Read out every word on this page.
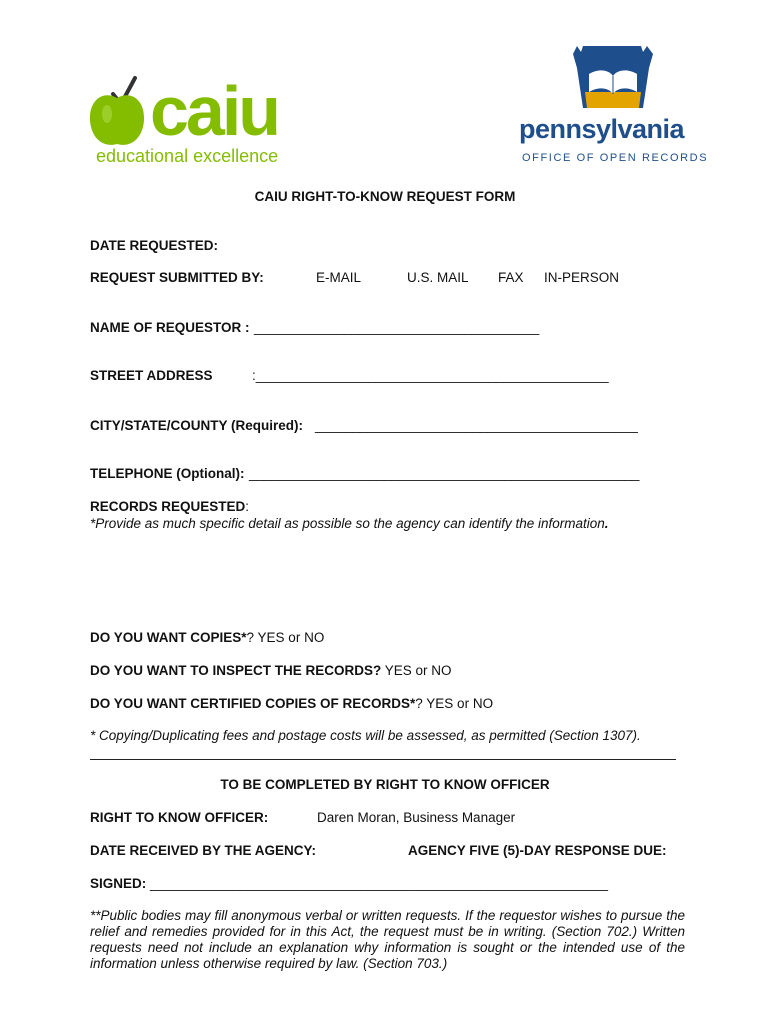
caiu
educational excellence
pennsylvania
OFFICE OF OPEN RECORDS
CAIU RIGHT-TO-KNOW REQUEST FORM
DATE REQUESTED:
REQUEST SUBMITTED BY:	E-MAIL	U.S. MAIL FAX IN-PERSON
NAME OF REQUESTOR : ______________________________________
STREET ADDRESS	:_______________________________________________
CITY/STATE/COUNTY (Required): ___________________________________________
TELEPHONE (Optional): ____________________________________________________
RECORDS REQUESTED:
*Provide as much specific detail as possible so the agency can identify the information.
DO YOU WANT COPIES*? YES or NO
DO YOU WANT TO INSPECT THE RECORDS? YES or NO
DO YOU WANT CERTIFIED COPIES OF RECORDS*? YES or NO
* Copying/Duplicating fees and postage costs will be assessed, as permitted (Section 1307).
TO BE COMPLETED BY RIGHT TO KNOW OFFICER
RIGHT TO KNOW OFFICER:	Daren Moran, Business Manager
DATE RECEIVED BY THE AGENCY:	AGENCY FIVE (5)-DAY RESPONSE DUE:
SIGNED: _____________________________________________________________
**Public bodies may fill anonymous verbal or written requests. If the requestor wishes to pursue the relief and remedies provided for in this Act, the request must be in writing. (Section 702.) Written requests need not include an explanation why information is sought or the intended use of the information unless otherwise required by law. (Section 703.)
